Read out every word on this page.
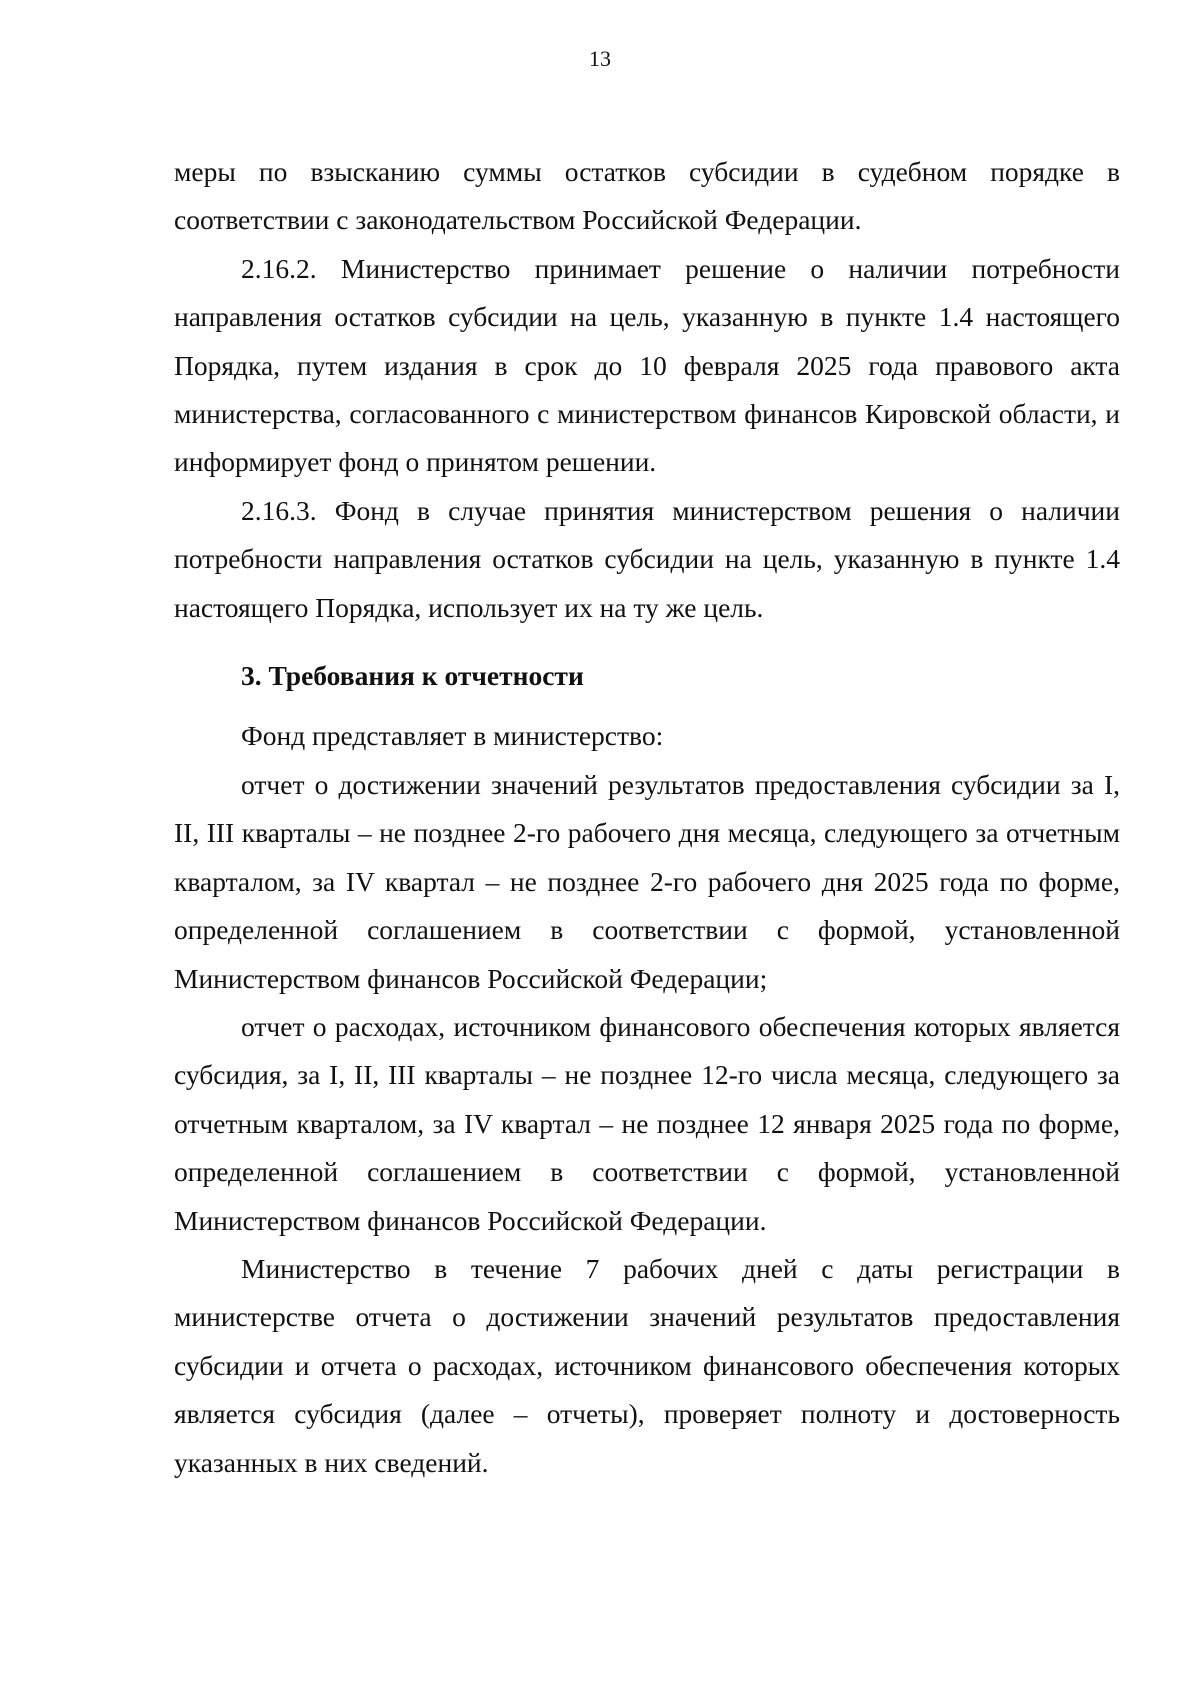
13

меры по взысканию суммы остатков субсидии в судебном порядке в соответствии с законодательством Российской Федерации.

2.16.2. Министерство принимает решение о наличии потребности направления остатков субсидии на цель, указанную в пункте 1.4 настоящего Порядка, путем издания в срок до 10 февраля 2025 года правового акта министерства, согласованного с министерством финансов Кировской области, и информирует фонд о принятом решении.

2.16.3. Фонд в случае принятия министерством решения о наличии потребности направления остатков субсидии на цель, указанную в пункте 1.4 настоящего Порядка, использует их на ту же цель.

3. Требования к отчетности

Фонд представляет в министерство:

отчет о достижении значений результатов предоставления субсидии за I, II, III кварталы – не позднее 2-го рабочего дня месяца, следующего за отчетным кварталом, за IV квартал – не позднее 2-го рабочего дня 2025 года по форме, определенной соглашением в соответствии с формой, установленной Министерством финансов Российской Федерации;

отчет о расходах, источником финансового обеспечения которых является субсидия, за I, II, III кварталы – не позднее 12-го числа месяца, следующего за отчетным кварталом, за IV квартал – не позднее 12 января 2025 года по форме, определенной соглашением в соответствии с формой, установленной Министерством финансов Российской Федерации.

Министерство в течение 7 рабочих дней с даты регистрации в министерстве отчета о достижении значений результатов предоставления субсидии и отчета о расходах, источником финансового обеспечения которых является субсидия (далее – отчеты), проверяет полноту и достоверность указанных в них сведений.
